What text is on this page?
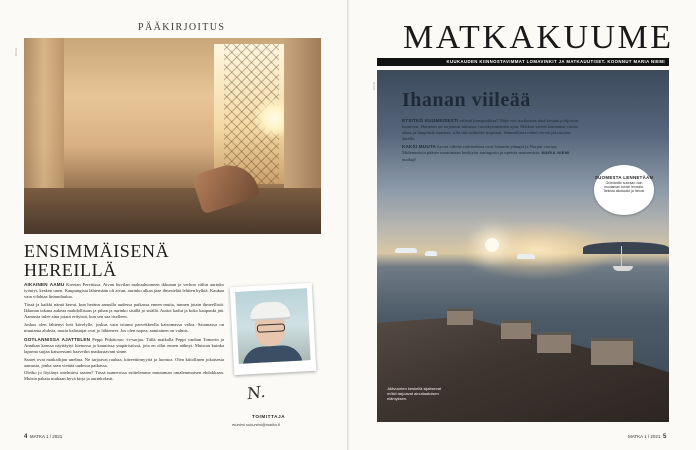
PÄÄKIRJOITUS
KUVA
ENSIMMÄISENÄ
HEREILLÄ

AIKAINEN AAMU Kreetan Perettissa. Aivan huvilan makuuhuoneen ikkunan ja verhon väliin aurinko työntyi, kesken unen. Kaupungista lähtemään oli aivan, aurinko alkaa jäae ilmestelää lehtien kylkiä. Kaukaa vain vilahtaa linnunlaulua.

Tässä ja kaikki nämä kerrat, kun heränn aamulla uudessa paikassa ennen muita, tunnen jotain ihmeellistä. Ikkunan takana aukeaa mahdollisuus ja pihan ja aurinko sisällä jo sisällä. Autiot kadut ja koko kaupunki jää. Aamusta tulee aina jotain erityistä, kun sen saa itselleen.

Joskus olen lähtenyt heti kävelylle, joskus vain istunut parvekkeella katsomassa valoa. Satamassa on muutama aluksia, mutta kalastajat ovat jo lähteneet. Jos olen nopea, aamiainen on valmis.

GOTLANNISSA AJATTELEN Peppi Pitkätossu -tv-sarjaa. Tällä matkalla Peppi vanhan Tomerin ja Annikan kanssa näyttäytyi hienossa ja kauniissa ympäristössä, jota en ollut ennen nähnyt. Muistan kuinka lapsena sarjaa katsoessani haaveilin matkustavani sinne.

Saaret ovat matkailijan unelma. Ne tarjoavat rauhaa, kiireettömyyttä ja luontoa. Olen kiitollinen jokaisesta aamusta, jonka saan viettää uudessa paikassa.

Oletko jo löytänyt unelmiesi saaren? Tässä numerossa esittelemme muutaman omalemmaisen ehdokkaan. Muista pakata mukaan hyvä kirja ja aurinkolasit.

N.
TOIMITTAJA
etunimi.sukunimi@matka.fi
4 MATKA 1 / 2021
MATKAKUUME
KUUKAUDEN KIINNOSTAVIMMAT LOMAVINKIT JA MATKAUUTISET. KOONNUT MARIA NIEMI
KUVA
Ihanan viileää

ETSITKÖ KUUMEISESTI viileää lomapaikkaa? Näin voit matkustaa tänä kesänä pohjoisen luontoon. Huttinen on tarjonnut luksusta vuosikymmenten ajan. Matkaa varten kannattaa varata aikaa ja lämpimät vaatteet, sillä sää vaihtelee nopeasti. Säännölliset retket vievät jäävuorten äärelle.

KAKSI MUUTA hyvää viileää vaihtoehtoa ovat Islannin ylängöt ja Norjan vuonot. Molemmissa pääsee nauttimaan keskiyön auringosta ja upeista maisemista. MARIA NIEMI matkafi

SUOMESTA LENNETÄÄN
Grönlantiin suoraan vain muutaman tunnin lennolla. Tarkista aikataulut ja hinnat.
Jäävuorten keskellä sijaitsevat mökit tarjoavat ainutlaatuisen elämyksen.
MATKA 1 / 2021 5
